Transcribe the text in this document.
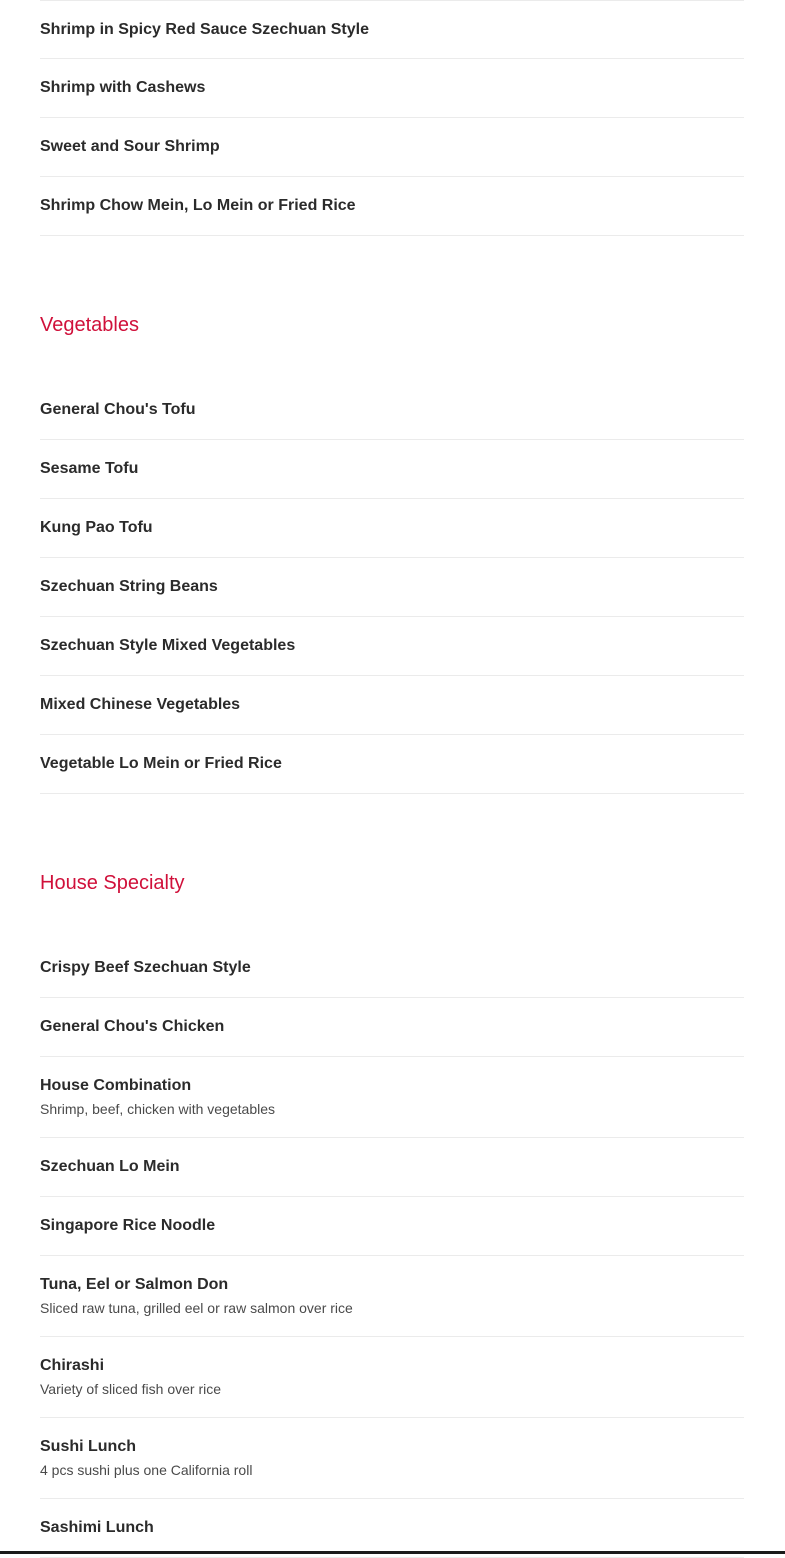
Shrimp in Spicy Red Sauce Szechuan Style
Shrimp with Cashews
Sweet and Sour Shrimp
Shrimp Chow Mein, Lo Mein or Fried Rice
Vegetables
General Chou's Tofu
Sesame Tofu
Kung Pao Tofu
Szechuan String Beans
Szechuan Style Mixed Vegetables
Mixed Chinese Vegetables
Vegetable Lo Mein or Fried Rice
House Specialty
Crispy Beef Szechuan Style
General Chou's Chicken
House Combination
Shrimp, beef, chicken with vegetables
Szechuan Lo Mein
Singapore Rice Noodle
Tuna, Eel or Salmon Don
Sliced raw tuna, grilled eel or raw salmon over rice
Chirashi
Variety of sliced fish over rice
Sushi Lunch
4 pcs sushi plus one California roll
Sashimi Lunch
